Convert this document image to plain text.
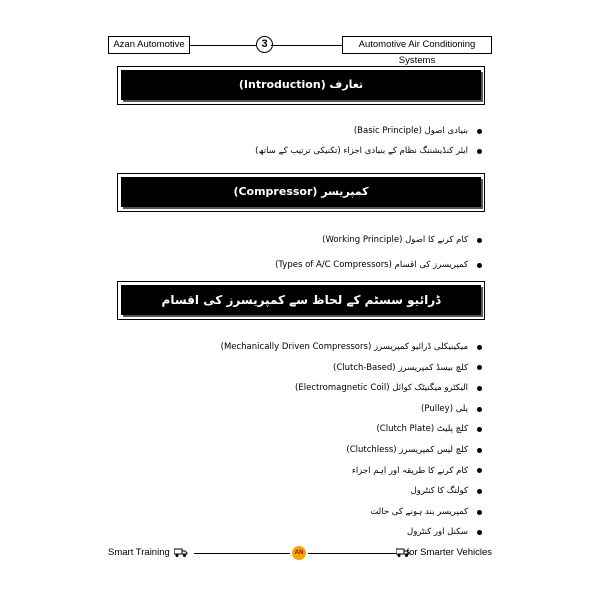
Azan Automotive	3	Automotive Air Conditioning Systems
تعارف (Introduction)
بنیادی اصول (Basic Principle)
ایئر کنڈیشننگ نظام کے بنیادی اجزاء (تکنیکی ترتیب کے ساتھ)
کمپریسر (Compressor)
کام کرنے کا اصول (Working Principle)
کمپریسرز کی اقسام (Types of A/C Compressors)
ڈرائیو سسٹم کے لحاظ سے کمپریسرز کی اقسام
میکینیکلی ڈرائیو کمپریسرز (Mechanically Driven Compressors)
کلچ بیسڈ کمپریسرز (Clutch-Based)
الیکٹرو میگنیٹک کوائل (Electromagnetic Coil)
پلی (Pulley)
کلچ پلیٹ (Clutch Plate)
کلچ لیس کمپریسرز (Clutchless)
کام کرنے کا طریقہ اور اہم اجزاء
کولنگ کا کنٹرول
کمپریسر بند ہونے کی حالت
سکنل اور کنٹرول
Smart Training	AN	for Smarter Vehicles
